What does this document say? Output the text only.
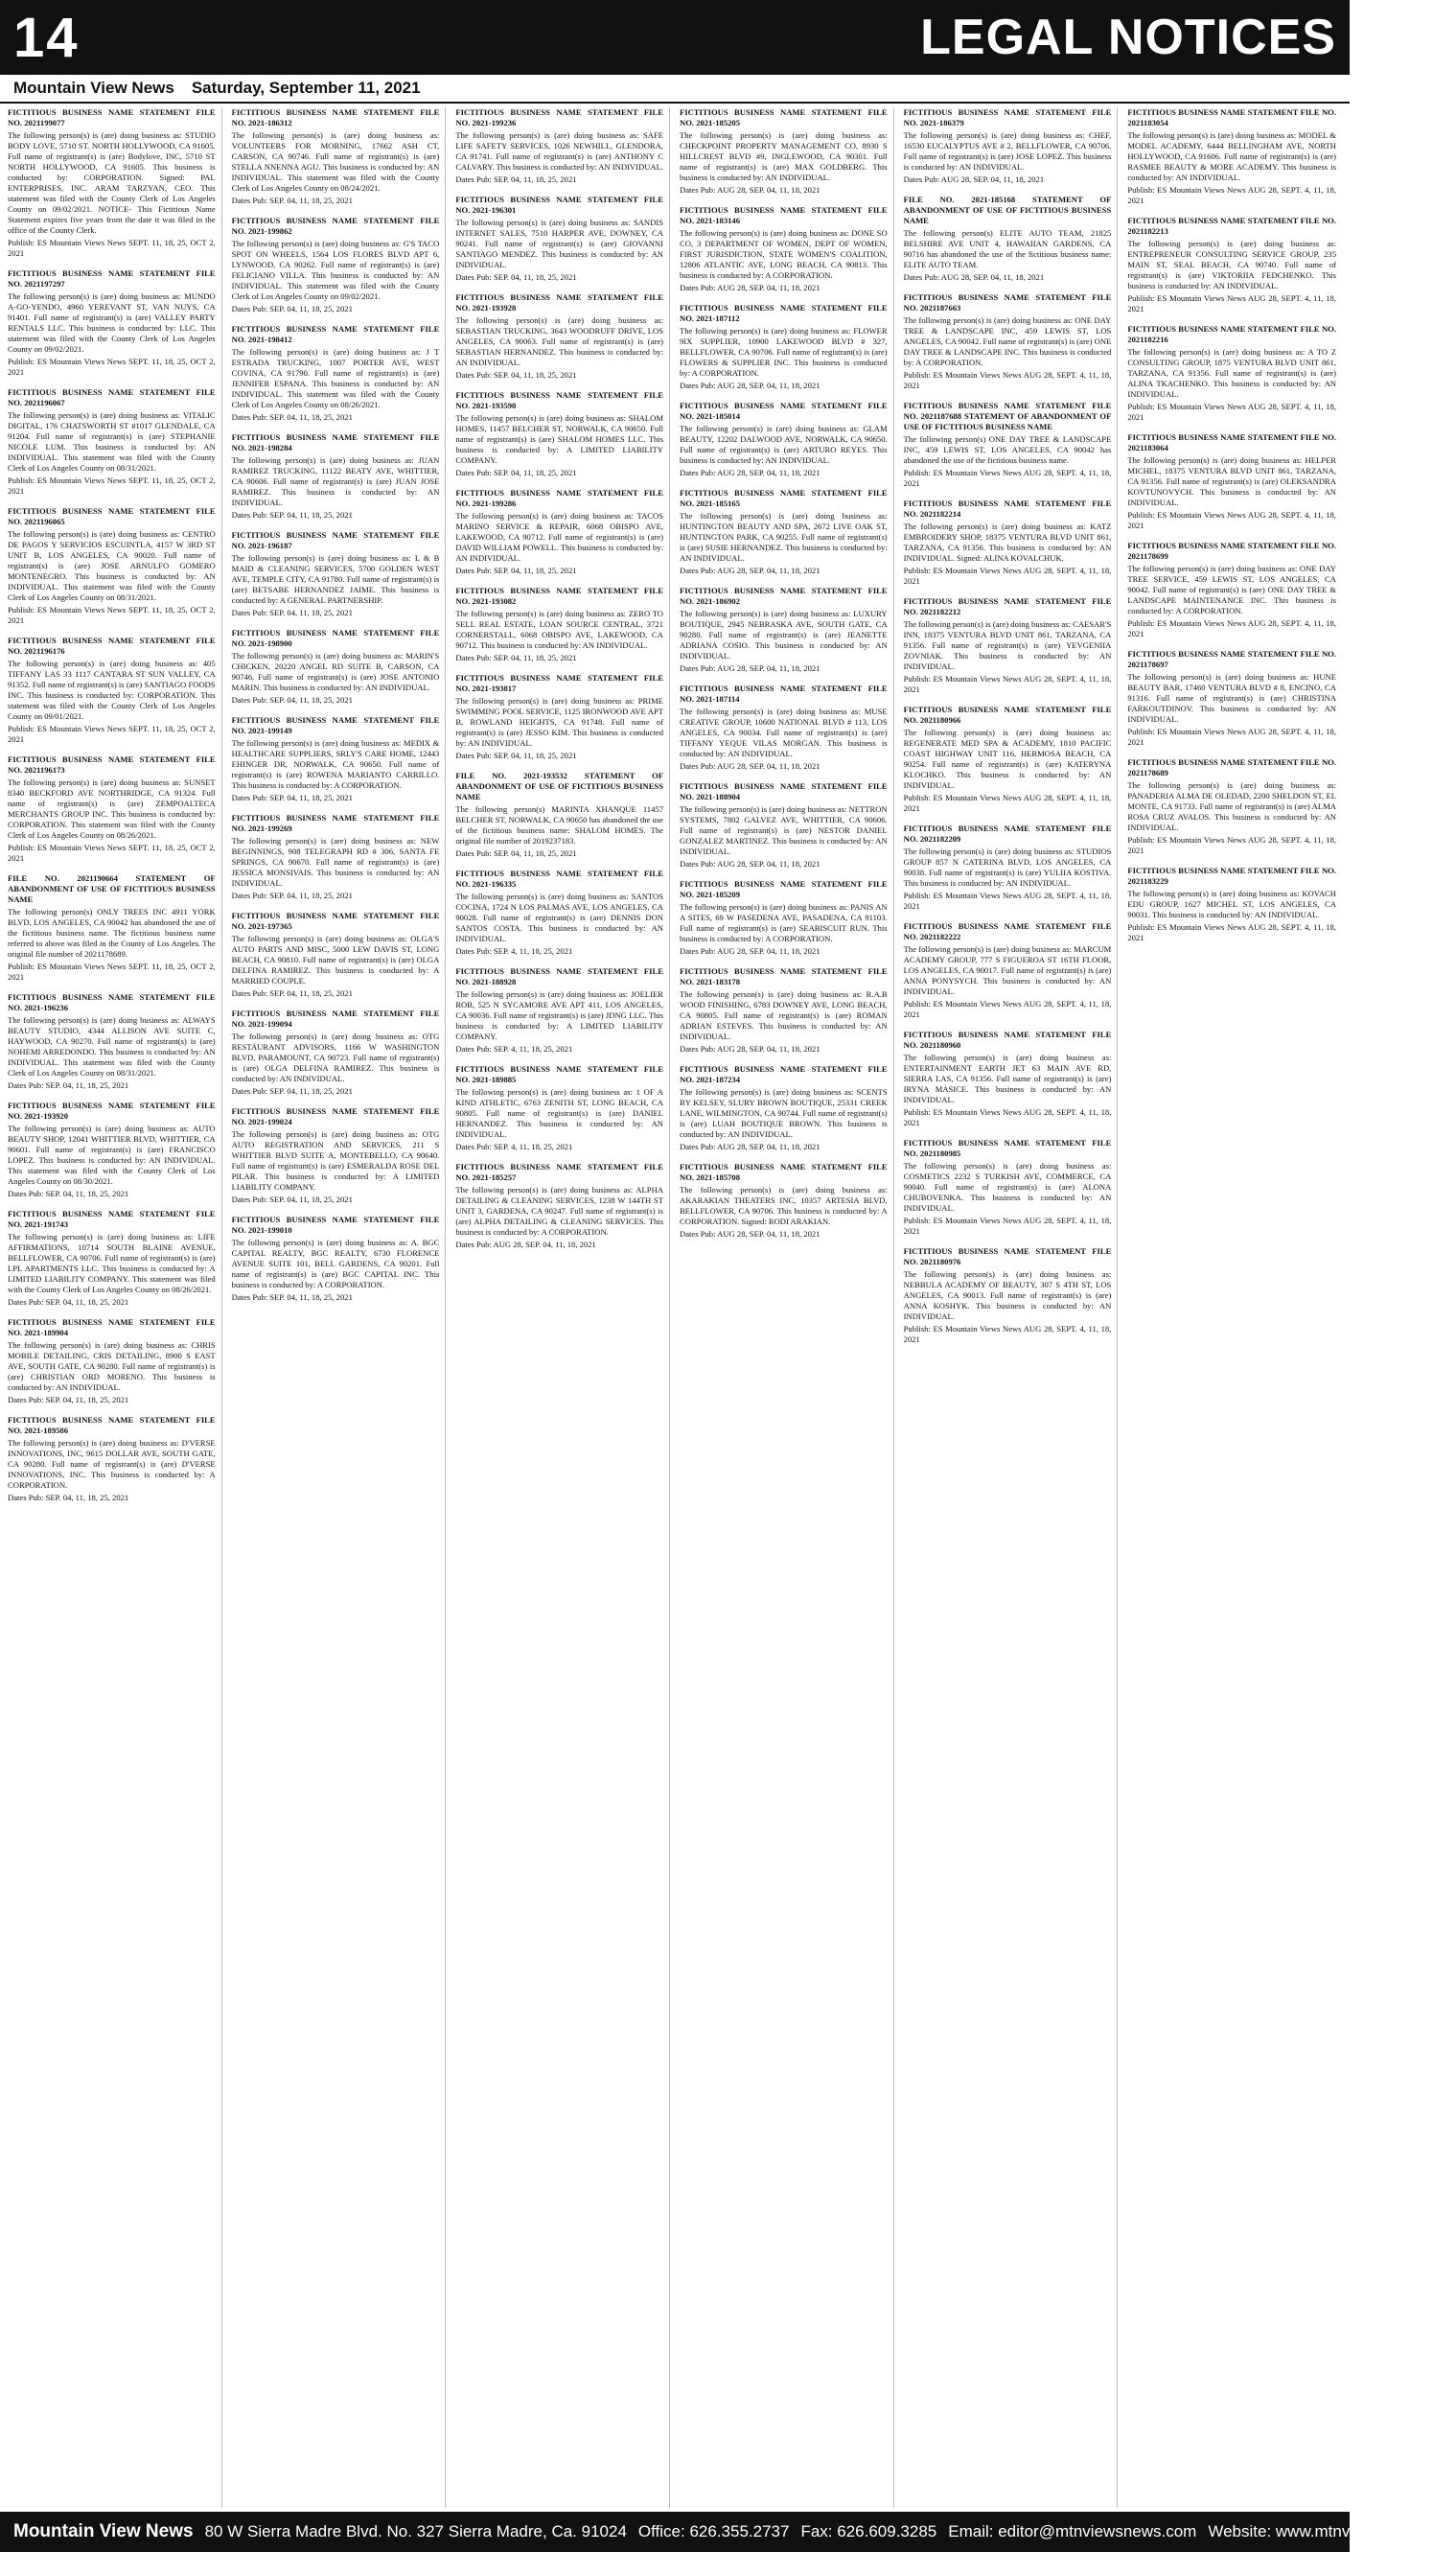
14	LEGAL NOTICES
Mountain View News Saturday, September 11, 2021
FICTITIOUS BUSINESS NAME STATEMENT FILE NO. 2021199077
The following person(s) is (are) doing business as: STUDIO BODY LOVE, 5710 ST. NORTH HOLLYWOOD, CA 91605. Full name of registrant(s) is (are) Bodylove, INC, 5710 ST NORTH HOLLYWOOD, CA 91605. This business is conducted by: CORPORATION. Signed: PAL ENTERPRISES, INC. ARAM TARZYAN, CEO. This statement was filed with the County Clerk of Los Angeles County on 09/02/2021. NOTICE- This Fictitious Name Statement expires five years from the date it was filed in the office of the County Clerk.
Publish: ES Mountain Views News SEPT. 11, 18, 25, OCT 2, 2021
FICTITIOUS BUSINESS NAME STATEMENT FILE NO. 2021197297
The following person(s) is (are) doing business as: MUNDO A-GO-YENDO, 4960 YEREVANT ST, VAN NUYS, CA 91401. Full name of registrant(s) is (are) VALLEY PARTY RENTALS LLC. This business is conducted by: LLC. This statement was filed with the County Clerk of Los Angeles County on 09/02/2021.
Publish: ES Mountain Views News SEPT. 11, 18, 25, OCT 2, 2021
FICTITIOUS BUSINESS NAME STATEMENT FILE NO. 2021196067
The following person(s) is (are) doing business as: VITALIC DIGITAL, 176 CHATSWORTH ST #1017 GLENDALE, CA 91204. Full name of registrant(s) is (are) STEPHANIE NICOLE LUM. This business is conducted by: AN INDIVIDUAL. This statement was filed with the County Clerk of Los Angeles County on 08/31/2021.
Publish: ES Mountain Views News SEPT. 11, 18, 25, OCT 2, 2021
FICTITIOUS BUSINESS NAME STATEMENT FILE NO. 2021196065
The following person(s) is (are) doing business as: CENTRO DE PAGOS Y SERVICIOS ESCUINTLA, 4157 W 3RD ST UNIT B, LOS ANGELES, CA 90020. Full name of registrant(s) is (are) JOSE ARNULFO GOMERO MONTENEGRO. This business is conducted by: AN INDIVIDUAL. This statement was filed with the County Clerk of Los Angeles County on 08/31/2021.
Publish: ES Mountain Views News SEPT. 11, 18, 25, OCT 2, 2021
FICTITIOUS BUSINESS NAME STATEMENT FILE NO. 2021196176
The following person(s) is (are) doing business as: 405 TIFFANY LAS 33 1117 CANTARA ST SUN VALLEY, CA 91352. Full name of registrant(s) is (are) SANTIAGO FOODS INC. This business is conducted by: CORPORATION. This statement was filed with the County Clerk of Los Angeles County on 09/01/2021.
Publish: ES Mountain Views News SEPT. 11, 18, 25, OCT 2, 2021
FICTITIOUS BUSINESS NAME STATEMENT FILE NO. 2021196173
The following person(s) is (are) doing business as: SUNSET 8340 BECKFORD AVE NORTHRIDGE, CA 91324. Full name of registrant(s) is (are) ZEMPOALTECA MERCHANTS GROUP INC. This business is conducted by: CORPORATION. This statement was filed with the County Clerk of Los Angeles County on 08/26/2021.
Publish: ES Mountain Views News SEPT. 11, 18, 25, OCT 2, 2021
FILE NO. 2021190664 STATEMENT OF ABANDONMENT OF USE OF FICTITIOUS BUSINESS NAME
The following person(s) ONLY TREES INC 4911 YORK BLVD, LOS ANGELES, CA 90042 has abandoned the use of the fictitious business name. The fictitious business name referred to above was filed in the County of Los Angeles. The original file number of 2021178689.
Publish: ES Mountain Views News SEPT. 11, 18, 25, OCT 2, 2021
FICTITIOUS BUSINESS NAME STATEMENT FILE NO. 2021-196236
The following person(s) is (are) doing business as: ALWAYS BEAUTY STUDIO, 4344 ALLISON AVE SUITE C, HAYWOOD, CA 90270. Full name of registrant(s) is (are) NOHEMI ARREDONDO. This business is conducted by: AN INDIVIDUAL. This statement was filed with the County Clerk of Los Angeles County on 08/31/2021.
Dates Pub: SEP. 04, 11, 18, 25, 2021
FICTITIOUS BUSINESS NAME STATEMENT FILE NO. 2021-193920
The following person(s) is (are) doing business as: AUTO BEAUTY SHOP, 12041 WHITTIER BLVD, WHITTIER, CA 90601. Full name of registrant(s) is (are) FRANCISCO LOPEZ. This business is conducted by: AN INDIVIDUAL. This statement was filed with the County Clerk of Los Angeles County on 08/30/2021.
Dates Pub: SEP. 04, 11, 18, 25, 2021
FICTITIOUS BUSINESS NAME STATEMENT FILE NO. 2021-191743
The following person(s) is (are) doing business as: LIFE AFFIRMATIONS, 10714 SOUTH BLAINE AVENUE, BELLFLOWER, CA 90706. Full name of registrant(s) is (are) LPL APARTMENTS LLC. This business is conducted by: A LIMITED LIABILITY COMPANY. This statement was filed with the County Clerk of Los Angeles County on 08/26/2021.
Dates Pub: SEP. 04, 11, 18, 25, 2021
FICTITIOUS BUSINESS NAME STATEMENT FILE NO. 2021-189904
The following person(s) is (are) doing business as: CHRIS MOBILE DETAILING, CRIS DETAILING, 8900 S EAST AVE, SOUTH GATE, CA 90280. Full name of registrant(s) is (are) CHRISTIAN ORD MORENO. This business is conducted by: AN INDIVIDUAL.
Dates Pub: SEP. 04, 11, 18, 25, 2021
FICTITIOUS BUSINESS NAME STATEMENT FILE NO. 2021-189586
The following person(s) is (are) doing business as: D'VERSE INNOVATIONS, INC, 9615 DOLLAR AVE, SOUTH GATE, CA 90280. Full name of registrant(s) is (are) D'VERSE INNOVATIONS, INC. This business is conducted by: A CORPORATION.
Dates Pub: SEP. 04, 11, 18, 25, 2021
FICTITIOUS BUSINESS NAME STATEMENT FILE NO. 2021-186312
The following person(s) is (are) doing business as: VOLUNTEERS FOR MORNING, 17662 ASH CT, CARSON, CA 90746. Full name of registrant(s) is (are) STELLA NNENNA AGU. This business is conducted by: AN INDIVIDUAL. This statement was filed with the County Clerk of Los Angeles County on 08/24/2021.
Dates Pub: SEP. 04, 11, 18, 25, 2021
FICTITIOUS BUSINESS NAME STATEMENT FILE NO. 2021-199862
The following person(s) is (are) doing business as: G'S TACO SPOT ON WHEELS, 1564 LOS FLORES BLVD APT 6, LYNWOOD, CA 90262. Full name of registrant(s) is (are) FELICIANO VILLA. This business is conducted by: AN INDIVIDUAL. This statement was filed with the County Clerk of Los Angeles County on 09/02/2021.
Dates Pub: SEP. 04, 11, 18, 25, 2021
FICTITIOUS BUSINESS NAME STATEMENT FILE NO. 2021-198412
The following person(s) is (are) doing business as: J T ESTRADA TRUCKING, 1007 PORTER AVE, WEST COVINA, CA 91790. Full name of registrant(s) is (are) JENNIFER ESPANA. This business is conducted by: AN INDIVIDUAL. This statement was filed with the County Clerk of Los Angeles County on 08/26/2021.
Dates Pub: SEP. 04, 11, 18, 25, 2021
FICTITIOUS BUSINESS NAME STATEMENT FILE NO. 2021-198284
The following person(s) is (are) doing business as: JUAN RAMIREZ TRUCKING, 11122 BEATY AVE, WHITTIER, CA 90606. Full name of registrant(s) is (are) JUAN JOSE RAMIREZ. This business is conducted by: AN INDIVIDUAL.
Dates Pub: SEP. 04, 11, 18, 25, 2021
FICTITIOUS BUSINESS NAME STATEMENT FILE NO. 2021-196187
The following person(s) is (are) doing business as: L & B MAID & CLEANING SERVICES, 5700 GOLDEN WEST AVE, TEMPLE CITY, CA 91780. Full name of registrant(s) is (are) BETSABE HERNANDEZ JAIME. This business is conducted by: A GENERAL PARTNERSHIP.
Dates Pub: SEP. 04, 11, 18, 25, 2021
FICTITIOUS BUSINESS NAME STATEMENT FILE NO. 2021-198900
The following person(s) is (are) doing business as: MARIN'S CHICKEN, 20220 ANGEL RD SUITE B, CARSON, CA 90746. Full name of registrant(s) is (are) JOSE ANTONIO MARIN. This business is conducted by: AN INDIVIDUAL.
Dates Pub: SEP. 04, 11, 18, 25, 2021
FICTITIOUS BUSINESS NAME STATEMENT FILE NO. 2021-199149
The following person(s) is (are) doing business as: MEDIX & HEALTHCARE SUPPLIERS, SRLY'S CARE HOME, 12443 EHINGER DR, NORWALK, CA 90650. Full name of registrant(s) is (are) ROWENA MARIANTO CARRILLO. This business is conducted by: A CORPORATION.
Dates Pub: SEP. 04, 11, 18, 25, 2021
FICTITIOUS BUSINESS NAME STATEMENT FILE NO. 2021-199269
The following person(s) is (are) doing business as: NEW BEGINNINGS, 908 TELEGRAPH RD # 306, SANTA FE SPRINGS, CA 90670. Full name of registrant(s) is (are) JESSICA MONSIVAIS. This business is conducted by: AN INDIVIDUAL.
Dates Pub: SEP. 04, 11, 18, 25, 2021
FICTITIOUS BUSINESS NAME STATEMENT FILE NO. 2021-197365
The following person(s) is (are) doing business as: OLGA'S AUTO PARTS AND MISC, 5000 LEW DAVIS ST, LONG BEACH, CA 90810. Full name of registrant(s) is (are) OLGA DELFINA RAMIREZ. This business is conducted by: A MARRIED COUPLE.
Dates Pub: SEP. 04, 11, 18, 25, 2021
FICTITIOUS BUSINESS NAME STATEMENT FILE NO. 2021-199094
The following person(s) is (are) doing business as: OTG RESTAURANT ADVISORS, 1166 W WASHINGTON BLVD, PARAMOUNT, CA 90723. Full name of registrant(s) is (are) OLGA DELFINA RAMIREZ. This business is conducted by: AN INDIVIDUAL.
Dates Pub: SEP. 04, 11, 18, 25, 2021
FICTITIOUS BUSINESS NAME STATEMENT FILE NO. 2021-199024
The following person(s) is (are) doing business as: OTG AUTO REGISTRATION AND SERVICES, 211 S WHITTIER BLVD SUITE A, MONTEBELLO, CA 90640. Full name of registrant(s) is (are) ESMERALDA ROSE DEL PILAR. This business is conducted by: A LIMITED LIABILITY COMPANY.
Dates Pub: SEP. 04, 11, 18, 25, 2021
FICTITIOUS BUSINESS NAME STATEMENT FILE NO. 2021-199010
The following person(s) is (are) doing business as: A. BGC CAPITAL REALTY, BGC REALTY, 6730 FLORENCE AVENUE SUITE 101, BELL GARDENS, CA 90201. Full name of registrant(s) is (are) BGC CAPITAL INC. This business is conducted by: A CORPORATION.
Dates Pub: SEP. 04, 11, 18, 25, 2021
FICTITIOUS BUSINESS NAME STATEMENT FILE NO. 2021-199236
The following person(s) is (are) doing business as: SAFE LIFE SAFETY SERVICES, 1026 NEWHILL, GLENDORA, CA 91741. Full name of registrant(s) is (are) ANTHONY C CALVARY. This business is conducted by: AN INDIVIDUAL.
Dates Pub: SEP. 04, 11, 18, 25, 2021
FICTITIOUS BUSINESS NAME STATEMENT FILE NO. 2021-196301
The following person(s) is (are) doing business as: SANDIS INTERNET SALES, 7510 HARPER AVE, DOWNEY, CA 90241. Full name of registrant(s) is (are) GIOVANNI SANTIAGO MENDEZ. This business is conducted by: AN INDIVIDUAL.
Dates Pub: SEP. 04, 11, 18, 25, 2021
FICTITIOUS BUSINESS NAME STATEMENT FILE NO. 2021-193928
The following person(s) is (are) doing business as: SEBASTIAN TRUCKING, 3643 WOODRUFF DRIVE, LOS ANGELES, CA 90063. Full name of registrant(s) is (are) SEBASTIAN HERNANDEZ. This business is conducted by: AN INDIVIDUAL.
Dates Pub: SEP. 04, 11, 18, 25, 2021
FICTITIOUS BUSINESS NAME STATEMENT FILE NO. 2021-193590
The following person(s) is (are) doing business as: SHALOM HOMES, 11457 BELCHER ST, NORWALK, CA 90650. Full name of registrant(s) is (are) SHALOM HOMES LLC. This business is conducted by: A LIMITED LIABILITY COMPANY.
Dates Pub: SEP. 04, 11, 18, 25, 2021
FICTITIOUS BUSINESS NAME STATEMENT FILE NO. 2021-199286
The following person(s) is (are) doing business as: TACOS MARINO SERVICE & REPAIR, 6068 OBISPO AVE, LAKEWOOD, CA 90712. Full name of registrant(s) is (are) DAVID WILLIAM POWELL. This business is conducted by: AN INDIVIDUAL.
Dates Pub: SEP. 04, 11, 18, 25, 2021
FICTITIOUS BUSINESS NAME STATEMENT FILE NO. 2021-193082
The following person(s) is (are) doing business as: ZERO TO SELL REAL ESTATE, LOAN SOURCE CENTRAL, 3721 CORNERSTALL, 6068 OBISPO AVE, LAKEWOOD, CA 90712. This business is conducted by: AN INDIVIDUAL.
Dates Pub: SEP. 04, 11, 18, 25, 2021
FICTITIOUS BUSINESS NAME STATEMENT FILE NO. 2021-193817
The following person(s) is (are) doing business as: PRIME SWIMMING POOL SERVICE, 1125 IRONWOOD AVE APT B, ROWLAND HEIGHTS, CA 91748. Full name of registrant(s) is (are) JESSO KIM. This business is conducted by: AN INDIVIDUAL.
Dates Pub: SEP. 04, 11, 18, 25, 2021
FILE NO. 2021-193532 STATEMENT OF ABANDONMENT OF USE OF FICTITIOUS BUSINESS NAME
The following person(s) MARINTA XHANQUE 11457 BELCHER ST, NORWALK, CA 90650 has abandoned the use of the fictitious business name: SHALOM HOMES. The original file number of 2019237183.
Dates Pub: SEP. 04, 11, 18, 25, 2021
FICTITIOUS BUSINESS NAME STATEMENT FILE NO. 2021-196335
The following person(s) is (are) doing business as: SANTOS COCINA, 1724 N LOS PALMAS AVE, LOS ANGELES, CA 90028. Full name of registrant(s) is (are) DENNIS DON SANTOS COSTA. This business is conducted by: AN INDIVIDUAL.
Dates Pub: SEP. 4, 11, 18, 25, 2021
FICTITIOUS BUSINESS NAME STATEMENT FILE NO. 2021-188928
The following person(s) is (are) doing business as: JOELIER ROB, 525 N SYCAMORE AVE APT 411, LOS ANGELES, CA 90036. Full name of registrant(s) is (are) JDNG LLC. This business is conducted by: A LIMITED LIABILITY COMPANY.
Dates Pub: SEP. 4, 11, 18, 25, 2021
FICTITIOUS BUSINESS NAME STATEMENT FILE NO. 2021-189885
The following person(s) is (are) doing business as: 1 OF A KIND ATHLETIC, 6763 ZENITH ST, LONG BEACH, CA 90805. Full name of registrant(s) is (are) DANIEL HERNANDEZ. This business is conducted by: AN INDIVIDUAL.
Dates Pub: SEP. 4, 11, 18, 25, 2021
FICTITIOUS BUSINESS NAME STATEMENT FILE NO. 2021-185257
The following person(s) is (are) doing business as: ALPHA DETAILING & CLEANING SERVICES, 1238 W 144TH ST UNIT 3, GARDENA, CA 90247. Full name of registrant(s) is (are) ALPHA DETAILING & CLEANING SERVICES. This business is conducted by: A CORPORATION.
Dates Pub: AUG 28, SEP. 04, 11, 18, 2021
FICTITIOUS BUSINESS NAME STATEMENT FILE NO. 2021-185205
The following person(s) is (are) doing business as: CHECKPOINT PROPERTY MANAGEMENT CO, 8930 S HILLCREST BLVD #9, INGLEWOOD, CA 90301. Full name of registrant(s) is (are) MAX GOLDBERG. This business is conducted by: AN INDIVIDUAL.
Dates Pub: AUG 28, SEP. 04, 11, 18, 2021
FICTITIOUS BUSINESS NAME STATEMENT FILE NO. 2021-183146
The following person(s) is (are) doing business as: DONE SO CO, 3 DEPARTMENT OF WOMEN, DEPT OF WOMEN, FIRST JURISDICTION, STATE WOMEN'S COALITION, 12806 ATLANTIC AVE, LONG BEACH, CA 90813. This business is conducted by: A CORPORATION.
Dates Pub: AUG 28, SEP. 04, 11, 18, 2021
FICTITIOUS BUSINESS NAME STATEMENT FILE NO. 2021-187112
The following person(s) is (are) doing business as: FLOWER 9IX SUPPLIER, 10900 LAKEWOOD BLVD # 327, BELLFLOWER, CA 90706. Full name of registrant(s) is (are) FLOWERS & SUPPLIER INC. This business is conducted by: A CORPORATION.
Dates Pub: AUG 28, SEP. 04, 11, 18, 2021
FICTITIOUS BUSINESS NAME STATEMENT FILE NO. 2021-185014
The following person(s) is (are) doing business as: GLAM BEAUTY, 12202 DALWOOD AVE, NORWALK, CA 90650. Full name of registrant(s) is (are) ARTURO REYES. This business is conducted by: AN INDIVIDUAL.
Dates Pub: AUG 28, SEP. 04, 11, 18, 2021
FICTITIOUS BUSINESS NAME STATEMENT FILE NO. 2021-185165
The following person(s) is (are) doing business as: HUNTINGTON BEAUTY AND SPA, 2672 LIVE OAK ST, HUNTINGTON PARK, CA 90255. Full name of registrant(s) is (are) SUSIE HERNANDEZ. This business is conducted by: AN INDIVIDUAL.
Dates Pub: AUG 28, SEP. 04, 11, 18, 2021
FICTITIOUS BUSINESS NAME STATEMENT FILE NO. 2021-186902
The following person(s) is (are) doing business as: LUXURY BOUTIQUE, 2945 NEBRASKA AVE, SOUTH GATE, CA 90280. Full name of registrant(s) is (are) JEANETTE ADRIANA COSIO. This business is conducted by: AN INDIVIDUAL.
Dates Pub: AUG 28, SEP. 04, 11, 18, 2021
FICTITIOUS BUSINESS NAME STATEMENT FILE NO. 2021-187114
The following person(s) is (are) doing business as: MUSE CREATIVE GROUP, 10600 NATIONAL BLVD # 113, LOS ANGELES, CA 90034. Full name of registrant(s) is (are) TIFFANY YEQUE VILAS MORGAN. This business is conducted by: AN INDIVIDUAL.
Dates Pub: AUG 28, SEP. 04, 11, 18, 2021
FICTITIOUS BUSINESS NAME STATEMENT FILE NO. 2021-188904
The following person(s) is (are) doing business as: NETTRON SYSTEMS, 7802 GALVEZ AVE, WHITTIER, CA 90606. Full name of registrant(s) is (are) NESTOR DANIEL GONZALEZ MARTINEZ. This business is conducted by: AN INDIVIDUAL.
Dates Pub: AUG 28, SEP. 04, 11, 18, 2021
FICTITIOUS BUSINESS NAME STATEMENT FILE NO. 2021-185209
The following person(s) is (are) doing business as: PANIS AN A SITES, 69 W PASEDENA AVE, PASADENA, CA 91103. Full name of registrant(s) is (are) SEABISCUIT RUN. This business is conducted by: A CORPORATION.
Dates Pub: AUG 28, SEP. 04, 11, 18, 2021
FICTITIOUS BUSINESS NAME STATEMENT FILE NO. 2021-183178
The following person(s) is (are) doing business as: R.A.B WOOD FINISHING, 6783 DOWNEY AVE, LONG BEACH, CA 90805. Full name of registrant(s) is (are) ROMAN ADRIAN ESTEVES. This business is conducted by: AN INDIVIDUAL.
Dates Pub: AUG 28, SEP. 04, 11, 18, 2021
FICTITIOUS BUSINESS NAME STATEMENT FILE NO. 2021-187234
The following person(s) is (are) doing business as: SCENTS BY KELSEY, SLURY BROWN BOUTIQUE, 25331 CREEK LANE, WILMINGTON, CA 90744. Full name of registrant(s) is (are) LUAH BOUTIQUE BROWN. This business is conducted by: AN INDIVIDUAL.
Dates Pub: AUG 28, SEP. 04, 11, 18, 2021
FICTITIOUS BUSINESS NAME STATEMENT FILE NO. 2021-185708
The following person(s) is (are) doing business as: AKARAKIAN THEATERS INC, 10357 ARTESIA BLVD, BELLFLOWER, CA 90706. This business is conducted by: A CORPORATION. Signed: RODI ARAKIAN.
Dates Pub: AUG 28, SEP. 04, 11, 18, 2021
FICTITIOUS BUSINESS NAME STATEMENT FILE NO. 2021-186379
The following person(s) is (are) doing business as: CHEF, 16530 EUCALYPTUS AVE # 2, BELLFLOWER, CA 90706. Full name of registrant(s) is (are) JOSE LOPEZ. This business is conducted by: AN INDIVIDUAL.
Dates Pub: AUG 28, SEP. 04, 11, 18, 2021
FILE NO. 2021-185168 STATEMENT OF ABANDONMENT OF USE OF FICTITIOUS BUSINESS NAME
The following person(s) ELITE AUTO TEAM, 21825 BELSHIRE AVE UNIT 4, HAWAIIAN GARDENS, CA 90716 has abandoned the use of the fictitious business name: ELITE AUTO TEAM.
Dates Pub: AUG 28, SEP. 04, 11, 18, 2021
FICTITIOUS BUSINESS NAME STATEMENT FILE NO. 2021187663
The following person(s) is (are) doing business as: ONE DAY TREE & LANDSCAPE INC, 459 LEWIS ST, LOS ANGELES, CA 90042. Full name of registrant(s) is (are) ONE DAY TREE & LANDSCAPE INC. This business is conducted by: A CORPORATION.
Publish: ES Mountain Views News AUG 28, SEPT. 4, 11, 18, 2021
FICTITIOUS BUSINESS NAME STATEMENT FILE NO. 2021187688 STATEMENT OF ABANDONMENT OF USE OF FICTITIOUS BUSINESS NAME
The following person(s) ONE DAY TREE & LANDSCAPE INC, 459 LEWIS ST, LOS ANGELES, CA 90042 has abandoned the use of the fictitious business name.
Publish: ES Mountain Views News AUG 28, SEPT. 4, 11, 18, 2021
FICTITIOUS BUSINESS NAME STATEMENT FILE NO. 2021182214
The following person(s) is (are) doing business as: KATZ EMBROIDERY SHOP, 18375 VENTURA BLVD UNIT 861, TARZANA, CA 91356. This business is conducted by: AN INDIVIDUAL. Signed: ALINA KOVALCHUK.
Publish: ES Mountain Views News AUG 28, SEPT. 4, 11, 18, 2021
FICTITIOUS BUSINESS NAME STATEMENT FILE NO. 2021182212
The following person(s) is (are) doing business as: CAESAR'S INN, 18375 VENTURA BLVD UNIT 861, TARZANA, CA 91356. Full name of registrant(s) is (are) YEVGENIIA ZOVNIAK. This business is conducted by: AN INDIVIDUAL.
Publish: ES Mountain Views News AUG 28, SEPT. 4, 11, 18, 2021
FICTITIOUS BUSINESS NAME STATEMENT FILE NO. 2021180966
The following person(s) is (are) doing business as: REGENERATE MED SPA & ACADEMY, 1810 PACIFIC COAST HIGHWAY UNIT 116, HERMOSA BEACH, CA 90254. Full name of registrant(s) is (are) KATERYNA KLOCHKO. This business is conducted by: AN INDIVIDUAL.
Publish: ES Mountain Views News AUG 28, SEPT. 4, 11, 18, 2021
FICTITIOUS BUSINESS NAME STATEMENT FILE NO. 2021182209
The following person(s) is (are) doing business as: STUDIOS GROUP 857 N CATERINA BLVD, LOS ANGELES, CA 90038. Full name of registrant(s) is (are) YULIIA KOSTIVA. This business is conducted by: AN INDIVIDUAL.
Publish: ES Mountain Views News AUG 28, SEPT. 4, 11, 18, 2021
FICTITIOUS BUSINESS NAME STATEMENT FILE NO. 2021182222
The following person(s) is (are) doing business as: MARCUM ACADEMY GROUP, 777 S FIGUEROA ST 16TH FLOOR, LOS ANGELES, CA 90017. Full name of registrant(s) is (are) ANNA PONYSYCH. This business is conducted by: AN INDIVIDUAL.
Publish: ES Mountain Views News AUG 28, SEPT. 4, 11, 18, 2021
FICTITIOUS BUSINESS NAME STATEMENT FILE NO. 2021180960
The following person(s) is (are) doing business as: ENTERTAINMENT EARTH JET 63 MAIN AVE RD, SIERRA LAS, CA 91356. Full name of registrant(s) is (are) IRYNA MASICE. This business is conducted by: AN INDIVIDUAL.
Publish: ES Mountain Views News AUG 28, SEPT. 4, 11, 18, 2021
FICTITIOUS BUSINESS NAME STATEMENT FILE NO. 2021180985
The following person(s) is (are) doing business as: COSMETICS 2232 S TURKISH AVE, COMMERCE, CA 90040. Full name of registrant(s) is (are) ALONA CHUBOVENKA. This business is conducted by: AN INDIVIDUAL.
Publish: ES Mountain Views News AUG 28, SEPT. 4, 11, 18, 2021
FICTITIOUS BUSINESS NAME STATEMENT FILE NO. 2021180976
The following person(s) is (are) doing business as: NEBBULA ACADEMY OF BEAUTY, 307 S 4TH ST, LOS ANGELES, CA 90013. Full name of registrant(s) is (are) ANNA KOSHYK. This business is conducted by: AN INDIVIDUAL.
Publish: ES Mountain Views News AUG 28, SEPT. 4, 11, 18, 2021
FICTITIOUS BUSINESS NAME STATEMENT FILE NO. 2021183054
The following person(s) is (are) doing business as: MODEL & MODEL ACADEMY, 6444 BELLINGHAM AVE, NORTH HOLLYWOOD, CA 91606. Full name of registrant(s) is (are) RASMEE BEAUTY & MORE ACADEMY. This business is conducted by: AN INDIVIDUAL.
Publish: ES Mountain Views News AUG 28, SEPT. 4, 11, 18, 2021
FICTITIOUS BUSINESS NAME STATEMENT FILE NO. 2021182213
The following person(s) is (are) doing business as: ENTREPRENEUR CONSULTING SERVICE GROUP, 235 MAIN ST, SEAL BEACH, CA 90740. Full name of registrant(s) is (are) VIKTORIIA FEDCHENKO. This business is conducted by: AN INDIVIDUAL.
Publish: ES Mountain Views News AUG 28, SEPT. 4, 11, 18, 2021
FICTITIOUS BUSINESS NAME STATEMENT FILE NO. 2021182216
The following person(s) is (are) doing business as: A TO Z CONSULTING GROUP, 1875 VENTURA BLVD UNIT 861, TARZANA, CA 91356. Full name of registrant(s) is (are) ALINA TKACHENKO. This business is conducted by: AN INDIVIDUAL.
Publish: ES Mountain Views News AUG 28, SEPT. 4, 11, 18, 2021
FICTITIOUS BUSINESS NAME STATEMENT FILE NO. 2021183064
The following person(s) is (are) doing business as: HELPER MICHEL, 18375 VENTURA BLVD UNIT 861, TARZANA, CA 91356. Full name of registrant(s) is (are) OLEKSANDRA KOVTUNOVYCH. This business is conducted by: AN INDIVIDUAL.
Publish: ES Mountain Views News AUG 28, SEPT. 4, 11, 18, 2021
FICTITIOUS BUSINESS NAME STATEMENT FILE NO. 2021178699
The following person(s) is (are) doing business as: ONE DAY TREE SERVICE, 459 LEWIS ST, LOS ANGELES, CA 90042. Full name of registrant(s) is (are) ONE DAY TREE & LANDSCAPE MAINTENANCE INC. This business is conducted by: A CORPORATION.
Publish: ES Mountain Views News AUG 28, SEPT. 4, 11, 18, 2021
FICTITIOUS BUSINESS NAME STATEMENT FILE NO. 2021178697
The following person(s) is (are) doing business as: HUNE BEAUTY BAR, 17460 VENTURA BLVD # 8, ENCINO, CA 91316. Full name of registrant(s) is (are) CHRISTINA FARKOUTDINOV. This business is conducted by: AN INDIVIDUAL.
Publish: ES Mountain Views News AUG 28, SEPT. 4, 11, 18, 2021
FICTITIOUS BUSINESS NAME STATEMENT FILE NO. 2021178689
The following person(s) is (are) doing business as: PANADERIA ALMA DE OLEDAD, 2200 SHELDON ST, EL MONTE, CA 91733. Full name of registrant(s) is (are) ALMA ROSA CRUZ AVALOS. This business is conducted by: AN INDIVIDUAL.
Publish: ES Mountain Views News AUG 28, SEPT. 4, 11, 18, 2021
FICTITIOUS BUSINESS NAME STATEMENT FILE NO. 2021183229
The following person(s) is (are) doing business as: KOVACH EDU GROUP, 1627 MICHEL ST, LOS ANGELES, CA 90031. This business is conducted by: AN INDIVIDUAL.
Publish: ES Mountain Views News AUG 28, SEPT. 4, 11, 18, 2021
Mountain View News 80 W Sierra Madre Blvd. No. 327 Sierra Madre, Ca. 91024 Office: 626.355.2737 Fax: 626.609.3285 Email: editor@mtnviewsnews.com Website: www.mtnviewsnews.com
